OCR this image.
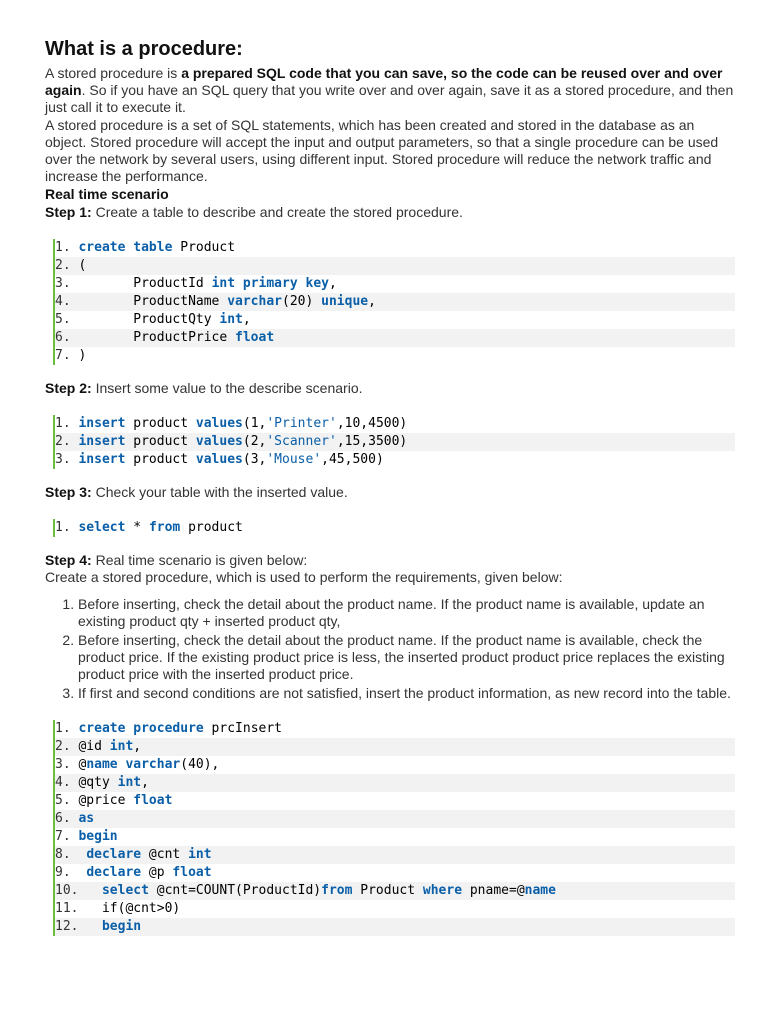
What is a procedure:

A stored procedure is a prepared SQL code that you can save, so the code can be reused over and over again. So if you have an SQL query that you write over and over again, save it as a stored procedure, and then just call it to execute it.

A stored procedure is a set of SQL statements, which has been created and stored in the database as an object. Stored procedure will accept the input and output parameters, so that a single procedure can be used over the network by several users, using different input. Stored procedure will reduce the network traffic and increase the performance.

Real time scenario

Step 1: Create a table to describe and create the stored procedure.

1. create
table Product
2. (
3. ProductId int
primary
key ,
4. ProductName varchar (20) unique ,
5. ProductQty int ,
6. ProductPrice float
7. )

Step 2: Insert some value to the describe scenario.

1. insert product values (1, 'Printer' ,10,4500)
2. insert product values (2, 'Scanner' ,15,3500)
3. insert product values (3, 'Mouse' ,45,500)

Step 3: Check your table with the inserted value.

1. select * from product

Step 4: Real time scenario is given below:

Create a stored procedure, which is used to perform the requirements, given below:

1. Before inserting, check the detail about the product name. If the product name is available, update an existing product qty + inserted product qty,
2. Before inserting, check the detail about the product name. If the product name is available, check the product price. If the existing product price is less, the inserted product product price replaces the existing product price with the inserted product price.
3. If first and second conditions are not satisfied, insert the product information, as new record into the table.
1. create
procedure prcInsert
2. @id int ,
3. @ name
varchar (40),
4. @qty int ,
5. @price float
6. as
7. begin
8. declare @cnt int
9. declare @p float
10. select @cnt=COUNT(ProductId) from Product where pname=@ name
11. if(@cnt>0)
12. begin
